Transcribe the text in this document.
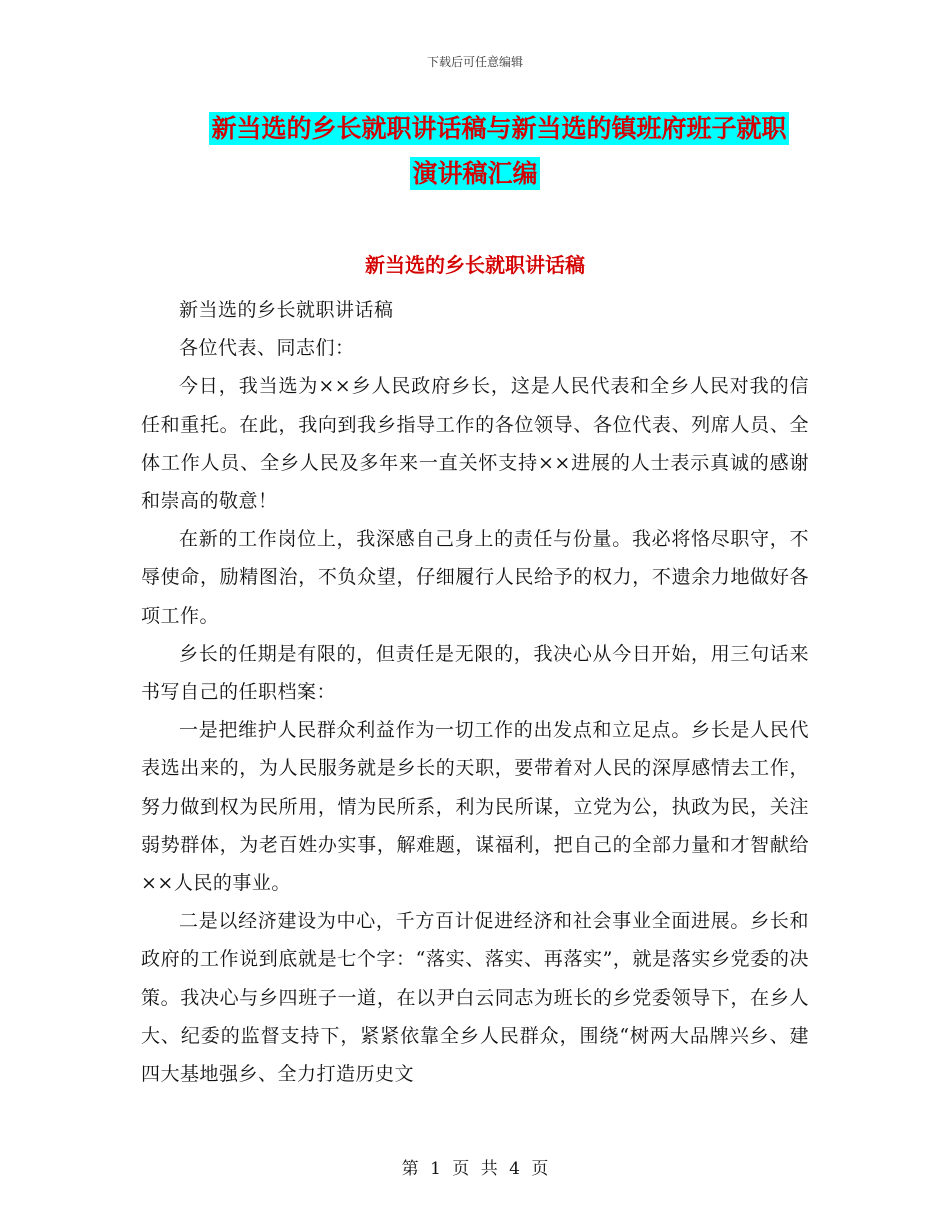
下载后可任意编辑
新当选的乡长就职讲话稿与新当选的镇班府班子就职
演讲稿汇编
新当选的乡长就职讲话稿

新当选的乡长就职讲话稿

各位代表、同志们：

今日，我当选为××乡人民政府乡长，这是人民代表和全乡人民对我的信任和重托。在此，我向到我乡指导工作的各位领导、各位代表、列席人员、全体工作人员、全乡人民及多年来一直关怀支持××进展的人士表示真诚的感谢和崇高的敬意！

在新的工作岗位上，我深感自己身上的责任与份量。我必将恪尽职守，不辱使命，励精图治，不负众望，仔细履行人民给予的权力，不遗余力地做好各项工作。

乡长的任期是有限的，但责任是无限的，我决心从今日开始，用三句话来书写自己的任职档案：

一是把维护人民群众利益作为一切工作的出发点和立足点。乡长是人民代表选出来的，为人民服务就是乡长的天职，要带着对人民的深厚感情去工作，努力做到权为民所用，情为民所系，利为民所谋，立党为公，执政为民，关注弱势群体，为老百姓办实事，解难题，谋福利，把自己的全部力量和才智献给××人民的事业。

二是以经济建设为中心，千方百计促进经济和社会事业全面进展。乡长和政府的工作说到底就是七个字：“落实、落实、再落实”，就是落实乡党委的决策。我决心与乡四班子一道，在以尹白云同志为班长的乡党委领导下，在乡人大、纪委的监督支持下，紧紧依靠全乡人民群众，围绕“树两大品牌兴乡、建四大基地强乡、全力打造历史文

第 1 页 共 4 页
